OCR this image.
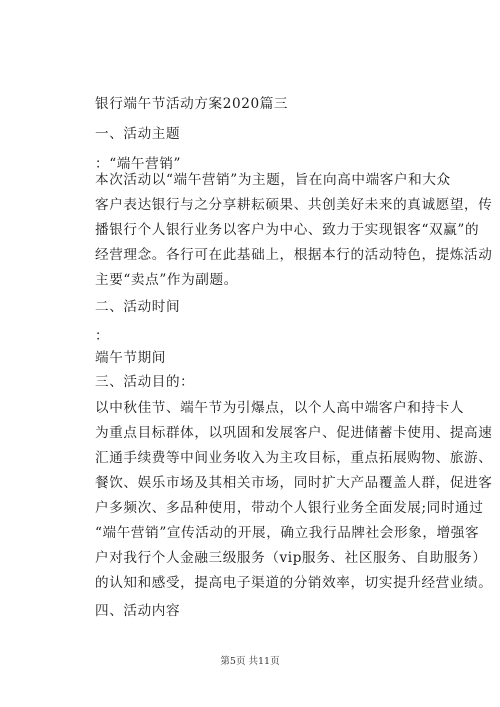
银行端午节活动方案2020篇三
一、活动主题
：“端午营销”
本次活动以“端午营销”为主题，旨在向高中端客户和大众
客户表达银行与之分享耕耘硕果、共创美好未来的真诚愿望，传
播银行个人银行业务以客户为中心、致力于实现银客“双赢”的
经营理念。各行可在此基础上，根据本行的活动特色，提炼活动
主要“卖点”作为副题。
二、活动时间
：
端午节期间
三、活动目的：
以中秋佳节、端午节为引爆点，以个人高中端客户和持卡人
为重点目标群体，以巩固和发展客户、促进储蓄卡使用、提高速
汇通手续费等中间业务收入为主攻目标，重点拓展购物、旅游、
餐饮、娱乐市场及其相关市场，同时扩大产品覆盖人群，促进客
户多频次、多品种使用，带动个人银行业务全面发展;同时通过
“端午营销”宣传活动的开展，确立我行品牌社会形象，增强客
户对我行个人金融三级服务（vip服务、社区服务、自助服务）
的认知和感受，提高电子渠道的分销效率，切实提升经营业绩。
四、活动内容
第5页 共11页
